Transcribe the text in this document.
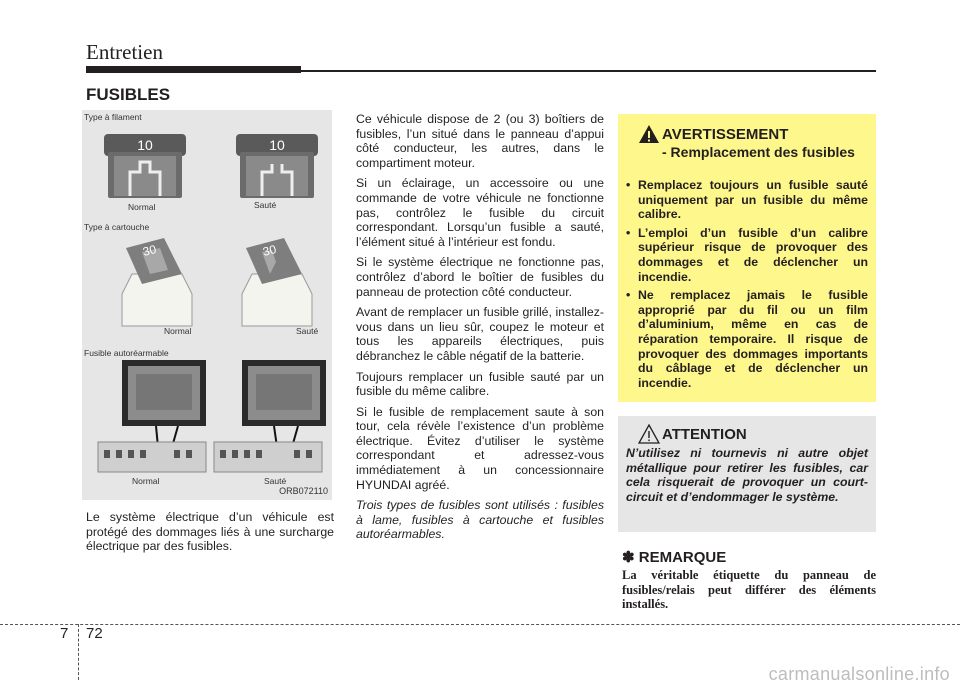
Entretien
FUSIBLES
Type à filament
10
Normal
10
Sauté
Type à cartouche
30
Normal
30
Sauté
Fusible autoréarmable
Normal	Sauté
ORB072110

Le système électrique d’un véhicule est protégé des dommages liés à une surcharge électrique par des fusibles.

Ce véhicule dispose de 2 (ou 3) boîtiers de fusibles, l’un situé dans le panneau d’appui côté conducteur, les autres, dans le compartiment moteur.

Si un éclairage, un accessoire ou une commande de votre véhicule ne fonctionne pas, contrôlez le fusible du circuit correspondant. Lorsqu’un fusible a sauté, l’élément situé à l’intérieur est fondu.

Si le système électrique ne fonctionne pas, contrôlez d’abord le boîtier de fusibles du panneau de protection côté conducteur.

Avant de remplacer un fusible grillé, installez-vous dans un lieu sûr, coupez le moteur et tous les appareils électriques, puis débranchez le câble négatif de la batterie.

Toujours remplacer un fusible sauté par un fusible du même calibre.

Si le fusible de remplacement saute à son tour, cela révèle l’existence d’un problème électrique. Évitez d’utiliser le système correspondant et adressez-vous immédiatement à un concessionnaire HYUNDAI agréé.

Trois types de fusibles sont utilisés : fusibles à lame, fusibles à cartouche et fusibles autoréarmables.

AVERTISSEMENT
- Remplacement des fusibles
• Remplacez toujours un fusible sauté uniquement par un fusible du même calibre.
• L’emploi d’un fusible d’un calibre supérieur risque de provoquer des dommages et de déclencher un incendie.
• Ne remplacez jamais le fusible approprié par du fil ou un film d’aluminium, même en cas de réparation temporaire. Il risque de provoquer des dommages importants du câblage et de déclencher un incendie.
ATTENTION
N’utilisez ni tournevis ni autre objet métallique pour retirer les fusibles, car cela risquerait de provoquer un court-circuit et d’endommager le système.
✽ REMARQUE
La véritable étiquette du panneau de fusibles/relais peut différer des éléments installés.
7 72
carmanualsonline.info
